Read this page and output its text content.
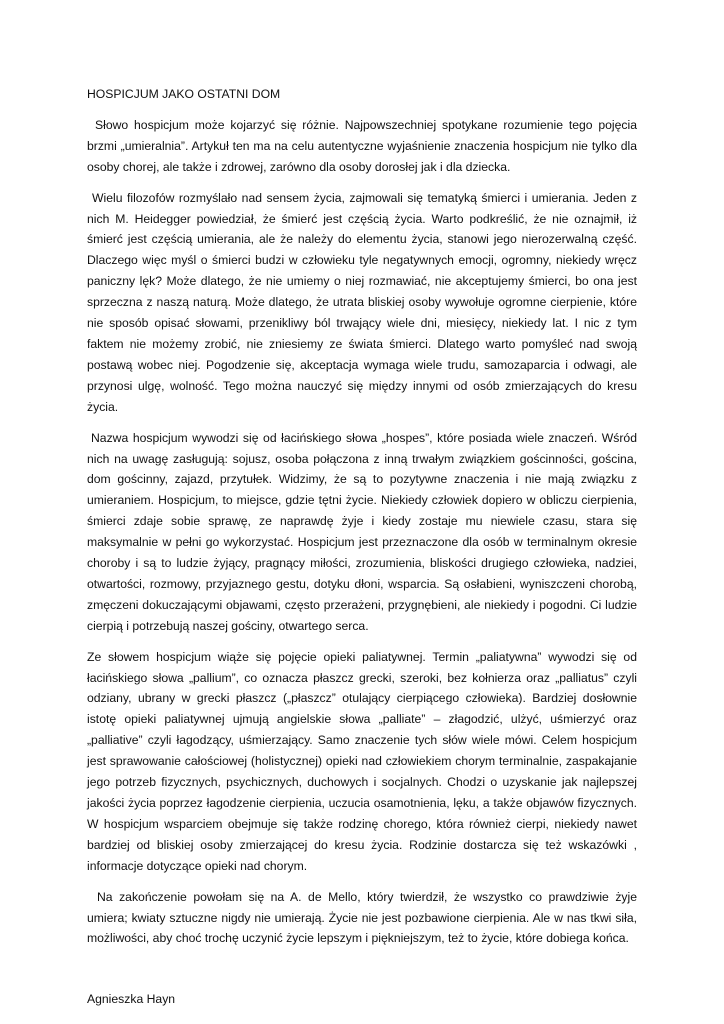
HOSPICJUM JAKO OSTATNI DOM

Słowo hospicjum może kojarzyć się różnie. Najpowszechniej spotykane rozumienie tego pojęcia brzmi „umieralnia”. Artykuł ten ma na celu autentyczne wyjaśnienie znaczenia hospicjum nie tylko dla osoby chorej, ale także i zdrowej, zarówno dla osoby dorosłej jak i dla dziecka.

Wielu filozofów rozmyślało nad sensem życia, zajmowali się tematyką śmierci i umierania. Jeden z nich M. Heidegger powiedział, że śmierć jest częścią życia. Warto podkreślić, że nie oznajmił, iż śmierć jest częścią umierania, ale że należy do elementu życia, stanowi jego nierozerwalną część. Dlaczego więc myśl o śmierci budzi w człowieku tyle negatywnych emocji, ogromny, niekiedy wręcz paniczny lęk? Może dlatego, że nie umiemy o niej rozmawiać, nie akceptujemy śmierci, bo ona jest sprzeczna z naszą naturą. Może dlatego, że utrata bliskiej osoby wywołuje ogromne cierpienie, które nie sposób opisać słowami, przenikliwy ból trwający wiele dni, miesięcy, niekiedy lat. I nic z tym faktem nie możemy zrobić, nie zniesiemy ze świata śmierci. Dlatego warto pomyśleć nad swoją postawą wobec niej. Pogodzenie się, akceptacja wymaga wiele trudu, samozaparcia i odwagi, ale przynosi ulgę, wolność. Tego można nauczyć się między innymi od osób zmierzających do kresu życia.

Nazwa hospicjum wywodzi się od łacińskiego słowa „hospes”, które posiada wiele znaczeń. Wśród nich na uwagę zasługują: sojusz, osoba połączona z inną trwałym związkiem gościnności, gościna, dom gościnny, zajazd, przytułek. Widzimy, że są to pozytywne znaczenia i nie mają związku z umieraniem. Hospicjum, to miejsce, gdzie tętni życie. Niekiedy człowiek dopiero w obliczu cierpienia, śmierci zdaje sobie sprawę, ze naprawdę żyje i kiedy zostaje mu niewiele czasu, stara się maksymalnie w pełni go wykorzystać. Hospicjum jest przeznaczone dla osób w terminalnym okresie choroby i są to ludzie żyjący, pragnący miłości, zrozumienia, bliskości drugiego człowieka, nadziei, otwartości, rozmowy, przyjaznego gestu, dotyku dłoni, wsparcia. Są osłabieni, wyniszczeni chorobą, zmęczeni dokuczającymi objawami, często przerażeni, przygnębieni, ale niekiedy i pogodni. Ci ludzie cierpią i potrzebują naszej gościny, otwartego serca.

Ze słowem hospicjum wiąże się pojęcie opieki paliatywnej. Termin „paliatywna” wywodzi się od łacińskiego słowa „pallium”, co oznacza płaszcz grecki, szeroki, bez kołnierza oraz „palliatus” czyli odziany, ubrany w grecki płaszcz („płaszcz” otulający cierpiącego człowieka). Bardziej dosłownie istotę opieki paliatywnej ujmują angielskie słowa „palliate” – złagodzić, ulżyć, uśmierzyć oraz „palliative” czyli łagodzący, uśmierzający. Samo znaczenie tych słów wiele mówi. Celem hospicjum jest sprawowanie całościowej (holistycznej) opieki nad człowiekiem chorym terminalnie, zaspakajanie jego potrzeb fizycznych, psychicznych, duchowych i socjalnych. Chodzi o uzyskanie jak najlepszej jakości życia poprzez łagodzenie cierpienia, uczucia osamotnienia, lęku, a także objawów fizycznych. W hospicjum wsparciem obejmuje się także rodzinę chorego, która również cierpi, niekiedy nawet bardziej od bliskiej osoby zmierzającej do kresu życia. Rodzinie dostarcza się też wskazówki , informacje dotyczące opieki nad chorym.

Na zakończenie powołam się na A. de Mello, który twierdził, że wszystko co prawdziwie żyje umiera; kwiaty sztuczne nigdy nie umierają. Życie nie jest pozbawione cierpienia. Ale w nas tkwi siła, możliwości, aby choć trochę uczynić życie lepszym i piękniejszym, też to życie, które dobiega końca.

Agnieszka Hayn
